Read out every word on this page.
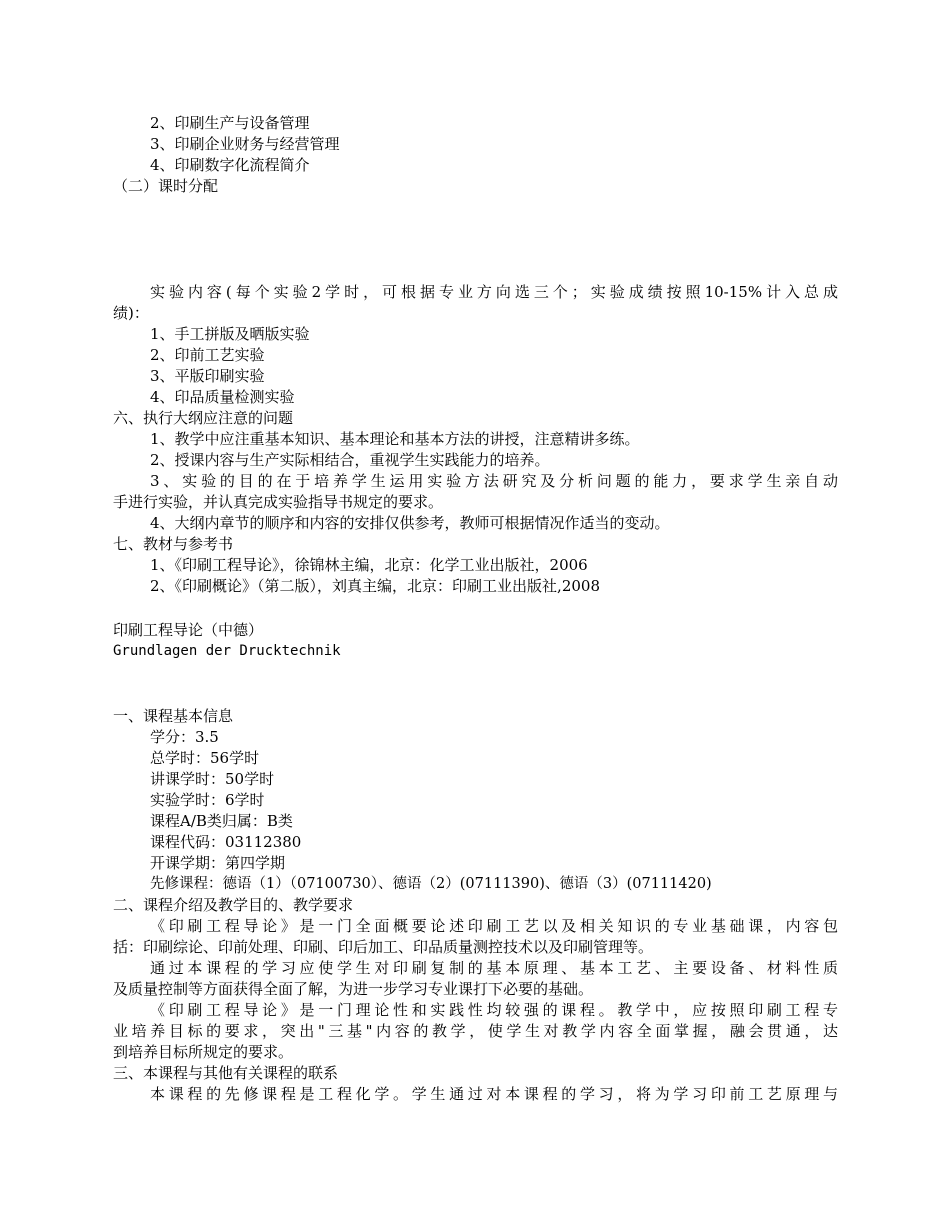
2、印刷生产与设备管理
3、印刷企业财务与经营管理
4、印刷数字化流程简介
（二）课时分配
实验内容(每个实验2学时，可根据专业方向选三个；实验成绩按照10-15%计入总成
绩)：
1、手工拼版及晒版实验
2、印前工艺实验
3、平版印刷实验
4、印品质量检测实验
六、执行大纲应注意的问题
1、教学中应注重基本知识、基本理论和基本方法的讲授，注意精讲多练。
2、授课内容与生产实际相结合，重视学生实践能力的培养。
3、实验的目的在于培养学生运用实验方法研究及分析问题的能力，要求学生亲自动
手进行实验，并认真完成实验指导书规定的要求。
4、大纲内章节的顺序和内容的安排仅供参考，教师可根据情况作适当的变动。
七、教材与参考书
1、《印刷工程导论》，徐锦林主编，北京：化学工业出版社，2006
2、《印刷概论》（第二版），刘真主编，北京：印刷工业出版社,2008
印刷工程导论（中德）
Grundlagen der Drucktechnik
一、课程基本信息
学分：3.5
总学时：56学时
讲课学时：50学时
实验学时：6学时
课程A/B类归属：B类
课程代码：03112380
开课学期：第四学期
先修课程：德语（1）（07100730）、德语（2）(07111390)、德语（3）(07111420)
二、课程介绍及教学目的、教学要求
《印刷工程导论》是一门全面概要论述印刷工艺以及相关知识的专业基础课，内容包
括：印刷综论、印前处理、印刷、印后加工、印品质量测控技术以及印刷管理等。
通过本课程的学习应使学生对印刷复制的基本原理、基本工艺、主要设备、材料性质
及质量控制等方面获得全面了解，为进一步学习专业课打下必要的基础。
《印刷工程导论》是一门理论性和实践性均较强的课程。教学中，应按照印刷工程专
业培养目标的要求，突出"三基"内容的教学，使学生对教学内容全面掌握，融会贯通，达
到培养目标所规定的要求。
三、本课程与其他有关课程的联系
本课程的先修课程是工程化学。学生通过对本课程的学习，将为学习印前工艺原理与
